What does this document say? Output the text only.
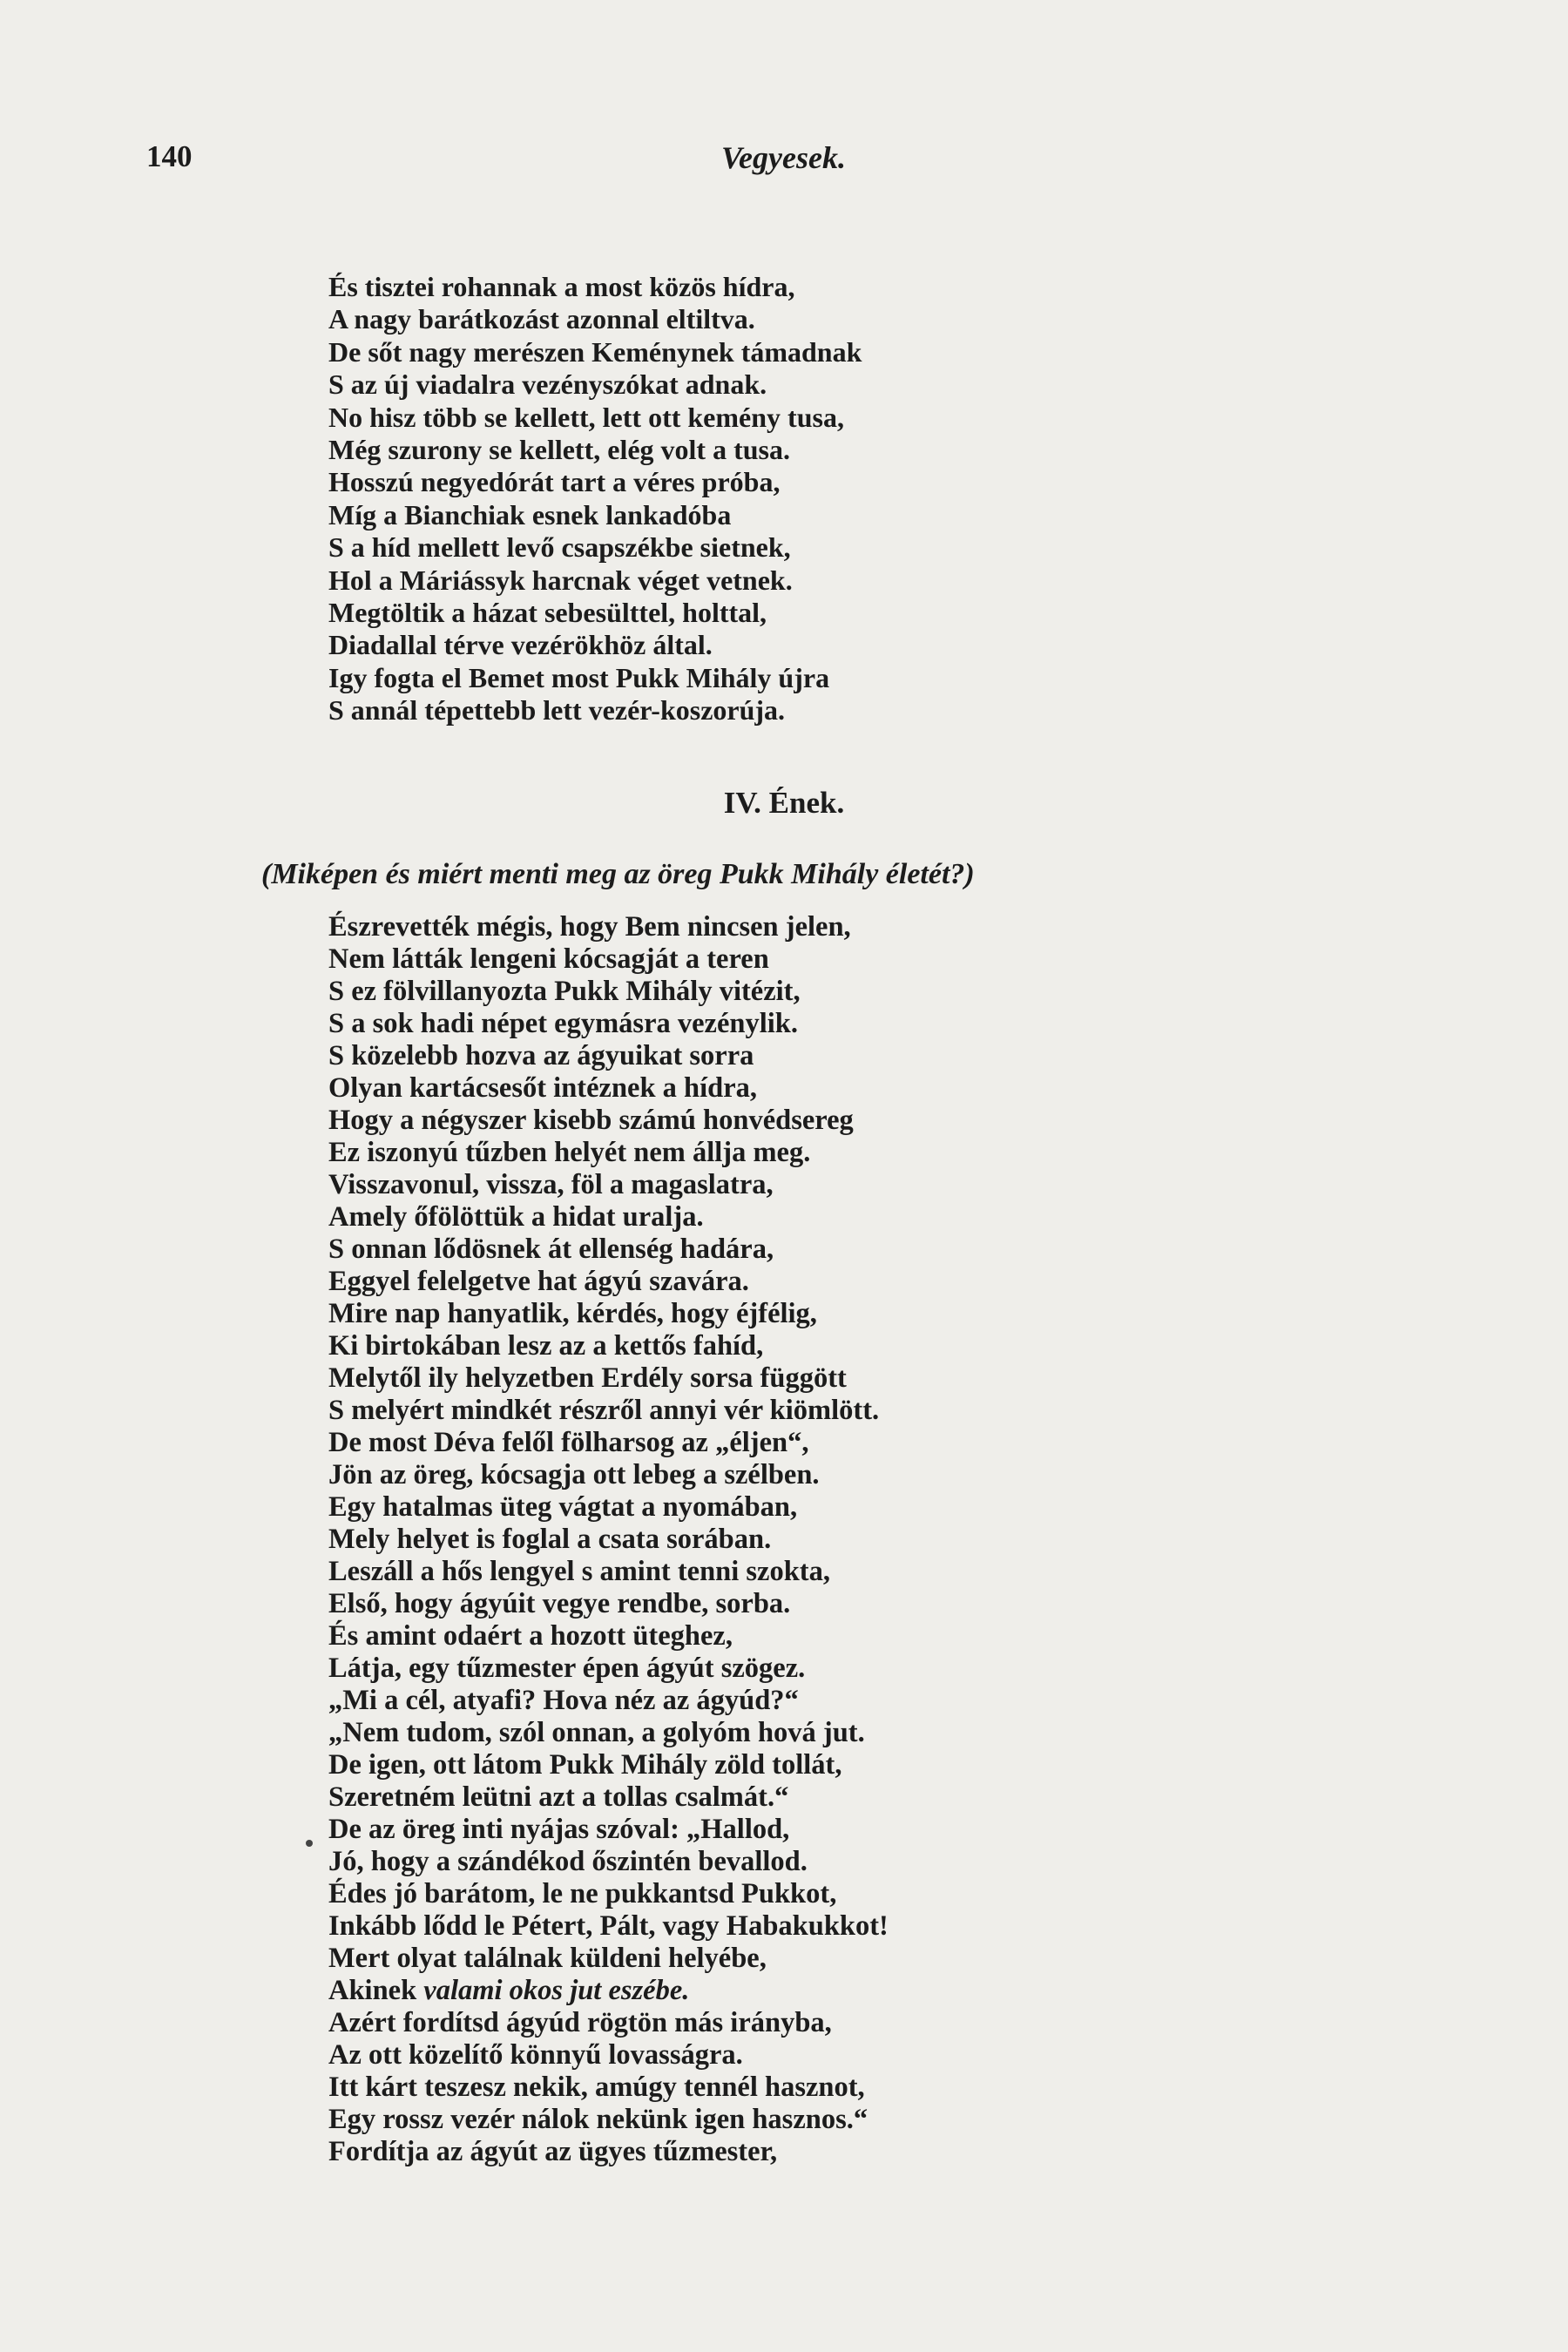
140	Vegyesek.
És tisztei rohannak a most közös hídra,
A nagy barátkozást azonnal eltiltva.
De sőt nagy merészen Keménynek támadnak
S az új viadalra vezényszókat adnak.
No hisz több se kellett, lett ott kemény tusa,
Még szurony se kellett, elég volt a tusa.
Hosszú negyedórát tart a véres próba,
Míg a Bianchiak esnek lankadóba
S a híd mellett levő csapszékbe sietnek,
Hol a Máriássyk harcnak véget vetnek.
Megtöltik a házat sebesülttel, holttal,
Diadallal térve vezérökhöz által.
Igy fogta el Bemet most Pukk Mihály újra
S annál tépettebb lett vezér-koszorúja.
IV. Ének.
(Miképen és miért menti meg az öreg Pukk Mihály életét?)
Észrevették mégis, hogy Bem nincsen jelen,
Nem látták lengeni kócsagját a teren
S ez fölvillanyozta Pukk Mihály vitézit,
S a sok hadi népet egymásra vezénylik.
S közelebb hozva az ágyuikat sorra
Olyan kartácsesőt intéznek a hídra,
Hogy a négyszer kisebb számú honvédsereg
Ez iszonyú tűzben helyét nem állja meg.
Visszavonul, vissza, föl a magaslatra,
Amely őfölöttük a hidat uralja.
S onnan lődösnek át ellenség hadára,
Eggyel felelgetve hat ágyú szavára.
Mire nap hanyatlik, kérdés, hogy éjfélig,
Ki birtokában lesz az a kettős fahíd,
Melytől ily helyzetben Erdély sorsa függött
S melyért mindkét részről annyi vér kiömlött.
De most Déva felől fölharsog az „éljen“,
Jön az öreg, kócsagja ott lebeg a szélben.
Egy hatalmas üteg vágtat a nyomában,
Mely helyet is foglal a csata sorában.
Leszáll a hős lengyel s amint tenni szokta,
Első, hogy ágyúit vegye rendbe, sorba.
És amint odaért a hozott üteghez,
Látja, egy tűzmester épen ágyút szögez.
„Mi a cél, atyafi? Hova néz az ágyúd?“
„Nem tudom, szól onnan, a golyóm hová jut.
De igen, ott látom Pukk Mihály zöld tollát,
Szeretném leütni azt a tollas csalmát.“
De az öreg inti nyájas szóval: „Hallod,
Jó, hogy a szándékod őszintén bevallod.
Édes jó barátom, le ne pukkantsd Pukkot,
Inkább lődd le Pétert, Pált, vagy Habakukkot!
Mert olyat találnak küldeni helyébe,
Akinek valami okos jut eszébe.
Azért fordítsd ágyúd rögtön más irányba,
Az ott közelítő könnyű lovasságra.
Itt kárt teszesz nekik, amúgy tennél hasznot,
Egy rossz vezér nálok nekünk igen hasznos.“
Fordítja az ágyút az ügyes tűzmester,
